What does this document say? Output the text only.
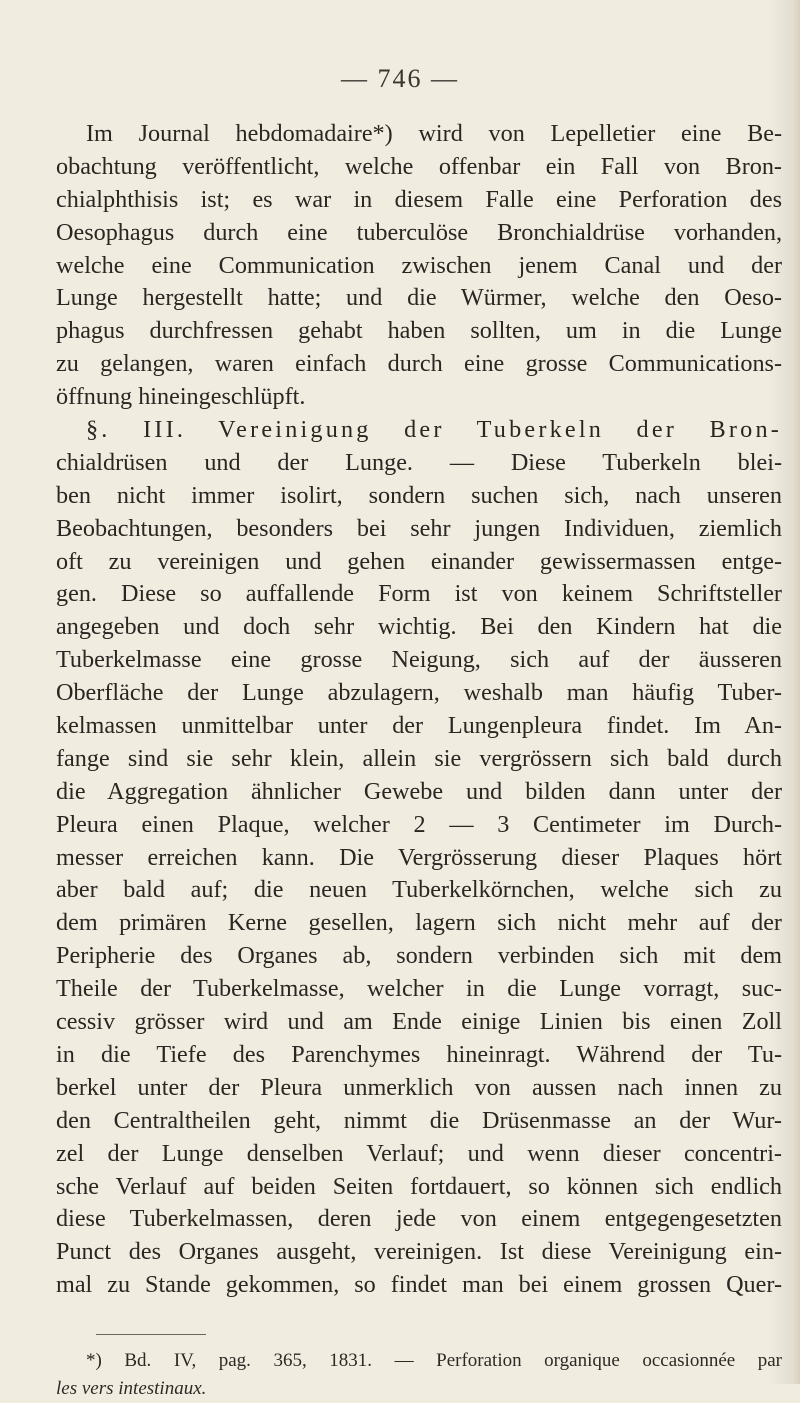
— 746 —
Im Journal hebdomadaire*) wird von Lepelletier eine Be-
obachtung veröffentlicht, welche offenbar ein Fall von Bron-
chialphthisis ist; es war in diesem Falle eine Perforation des
Oesophagus durch eine tuberculöse Bronchialdrüse vorhanden,
welche eine Communication zwischen jenem Canal und der
Lunge hergestellt hatte; und die Würmer, welche den Oeso-
phagus durchfressen gehabt haben sollten, um in die Lunge
zu gelangen, waren einfach durch eine grosse Communications-
öffnung hineingeschlüpft.
§. III. Vereinigung der Tuberkeln der Bron-
chialdrüsen und der Lunge. — Diese Tuberkeln blei-
ben nicht immer isolirt, sondern suchen sich, nach unseren
Beobachtungen, besonders bei sehr jungen Individuen, ziemlich
oft zu vereinigen und gehen einander gewissermassen entge-
gen. Diese so auffallende Form ist von keinem Schriftsteller
angegeben und doch sehr wichtig. Bei den Kindern hat die
Tuberkelmasse eine grosse Neigung, sich auf der äusseren
Oberfläche der Lunge abzulagern, weshalb man häufig Tuber-
kelmassen unmittelbar unter der Lungenpleura findet. Im An-
fange sind sie sehr klein, allein sie vergrössern sich bald durch
die Aggregation ähnlicher Gewebe und bilden dann unter der
Pleura einen Plaque, welcher 2 — 3 Centimeter im Durch-
messer erreichen kann. Die Vergrösserung dieser Plaques hört
aber bald auf; die neuen Tuberkelkörnchen, welche sich zu
dem primären Kerne gesellen, lagern sich nicht mehr auf der
Peripherie des Organes ab, sondern verbinden sich mit dem
Theile der Tuberkelmasse, welcher in die Lunge vorragt, suc-
cessiv grösser wird und am Ende einige Linien bis einen Zoll
in die Tiefe des Parenchymes hineinragt. Während der Tu-
berkel unter der Pleura unmerklich von aussen nach innen zu
den Centraltheilen geht, nimmt die Drüsenmasse an der Wur-
zel der Lunge denselben Verlauf; und wenn dieser concentri-
sche Verlauf auf beiden Seiten fortdauert, so können sich endlich
diese Tuberkelmassen, deren jede von einem entgegengesetzten
Punct des Organes ausgeht, vereinigen. Ist diese Vereinigung ein-
mal zu Stande gekommen, so findet man bei einem grossen Quer-
*) Bd. IV, pag. 365, 1831. — Perforation organique occasionnée par
les vers intestinaux.
